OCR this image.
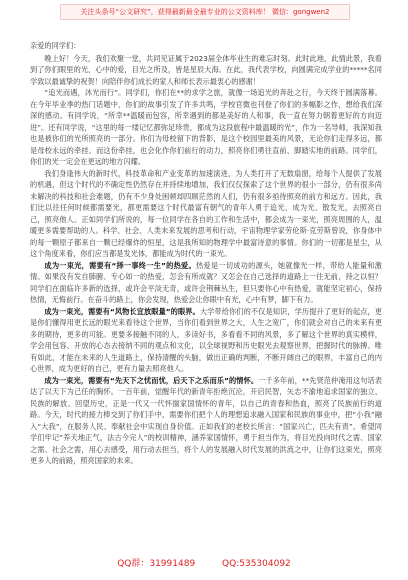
关注头条号“公文研究”，获得最新最全最专业的公文资料库！ 微信：gongwen2

亲爱的同学们：

晚上好！今天，我们欢聚一堂，共同见证属于2023届全体毕业生的难忘时刻。此时此地，此情此景，我看到了你们眼里的光，心中的爱，目光之所及，皆是星辰大海。在此，我代表学校，向圆满完成学业的*****名同学致以最诚挚的祝贺！向陪伴你们成长的家人和师长表示最衷心的感谢！

“追光而遇，沐光而行”。同学们，你们在**的求学之旅，就像一场追光的奔赴之行，今天终于圆满落幕。在今年毕业季的热门话题中，你们的故事引发了许多共鸣，学校官微也刊登了你们的多幅影之作，想给我们深深的感动。有同学说，“所幸**温暖而包容，所幸遇到的都是美好的人和事，我一直在努力朝着更好的方向迈进”。还有同学说，“这里的每一缕记忆都弥足珍贵，都成为这段旅程中最温暖的光”，作为一名导师，我深知我也是被你们的光所照亮的一部分。你们为母校留下的背影，是这个校园里最美的风景，无论你们走得多远，都是母校永远的牵挂。而这份牵挂，也会化作你们前行的动力，照亮你们勇往直前、脚踏实地的前路。同学们，你们的光一定会在更远的地方闪耀。

我们身逢伟大的新时代，科技革命和产业变革的加速演进，为人类打开了无数扇窗，给每个人提供了发展的机遇，但这个时代的不确定性仍然存在并持续地增加，我们仅仅探索了这个世界的很小一部分，仍有很多尚未解决的科技和社会难题，仍有不少身处困顿却四顾茫然的人们，仍有很多亟待照亮的前方和远方。因此，我们比以往任何时候都需要光，都更需要这个时代最富有朝气的青年人勇于追光、成为光、散发光，去照亮自己，照亮他人。正如同学们所说的，每一位同学在各自的工作和生活中，都会成为一束光，照亮周围的人，温暖更多需要帮助的人。科学、社会、人类未来发展的思考和行动，宇宙物理学家劳伦斯·克劳斯曾说，你身体中的每一颗原子都来自一颗已经爆炸的恒星，这是我所知的物理学中最富诗意的事情。你们的一切都是星尘，从这个角度来看，你们应当都是发光体，都能成为时代的一束光。

成为一束光，需要有“择一事终一生”的热爱。热爱是一切成功的源头，她就像光一样，带给人能量和激情。如果没有发自肺腑、专心如一的热爱，怎会有所成就？又怎会在自己选择的道路上一往无前，持之以恒？同学们在面临许多新的选择，或许会平淡无奇，或许会荆棘丛生，但只要你心中有热爱，就能坚定初心，保持热情，无悔前行。在奋斗的路上，你会发现，热爱会让你眼中有光，心中有梦，脚下有力。

成为一束光，需要有“风物长宜放眼量”的眼界。大学带给你们的不仅是知识，学历提升了更好的起点，更是你们懂得用更长远的眼光来看待这个世界，当你们看到世界之大，人生之宽广，你们就会对自己的未来有更多的期待，更多的可能。更要多接触不同的人，多读好书，多看看不同的风景，多了解这个世界的真实模样，学会用包容、开放的心态去接纳不同的观点和文化，以全球视野和历史眼光去观察世界，把握时代的脉搏。唯有如此，才能在未来的人生道路上，保持清醒的头脑，做出正确的判断，不断开阔自己的眼界，丰富自己的内心世界，成为更好的自己，更有力量去照亮他人。

成为一束光，需要有“先天下之忧而忧，后天下之乐而乐”的情怀。一千多年前，**先贤范仲淹用这句话表达了以天下为己任的胸怀。一百年前，觉醒年代的新青年拒绝沉沦，开启民智，矢志不渝地追求国家的独立、民族的解放。回望历史，正是一代又一代怀揣家国情怀的青年，以自己的青春和热血，照亮了民族前行的道路。今天，时代的接力棒交到了你们手中，需要你们把个人的理想追求融入国家和民族的事业中，把“小我”融入“大我”，在服务人民、奉献社会中实现自身价值。正如我们的老校长所言：“国家兴亡，匹夫有责”。希望同学们牢记“养天地正气，法古今完人”的校训精神，涵养家国情怀，勇于担当作为，将目光投向时代之需、国家之需、社会之需，用心去感受，用行动去担当，将个人的发展融入时代发展的洪流之中，让你们这束光，照亮更多人的前路，照亮国家的未来。

QQ群：31991489	QQ:535304092
